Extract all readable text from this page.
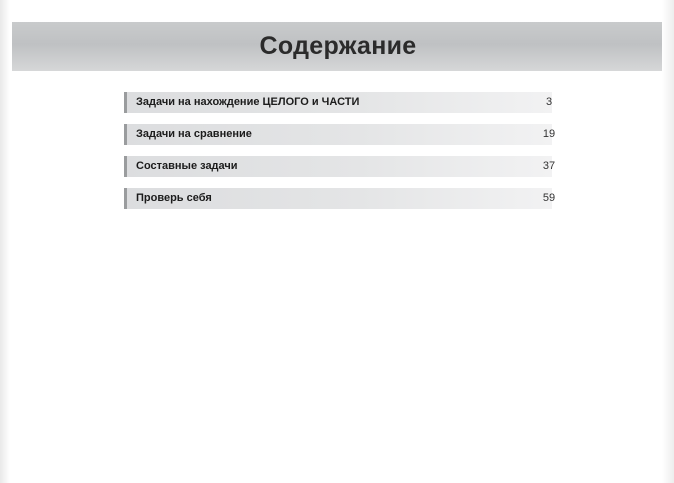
Содержание
Задачи на нахождение ЦЕЛОГО и ЧАСТИ	3
Задачи на сравнение	19
Составные задачи	37
Проверь себя	59
